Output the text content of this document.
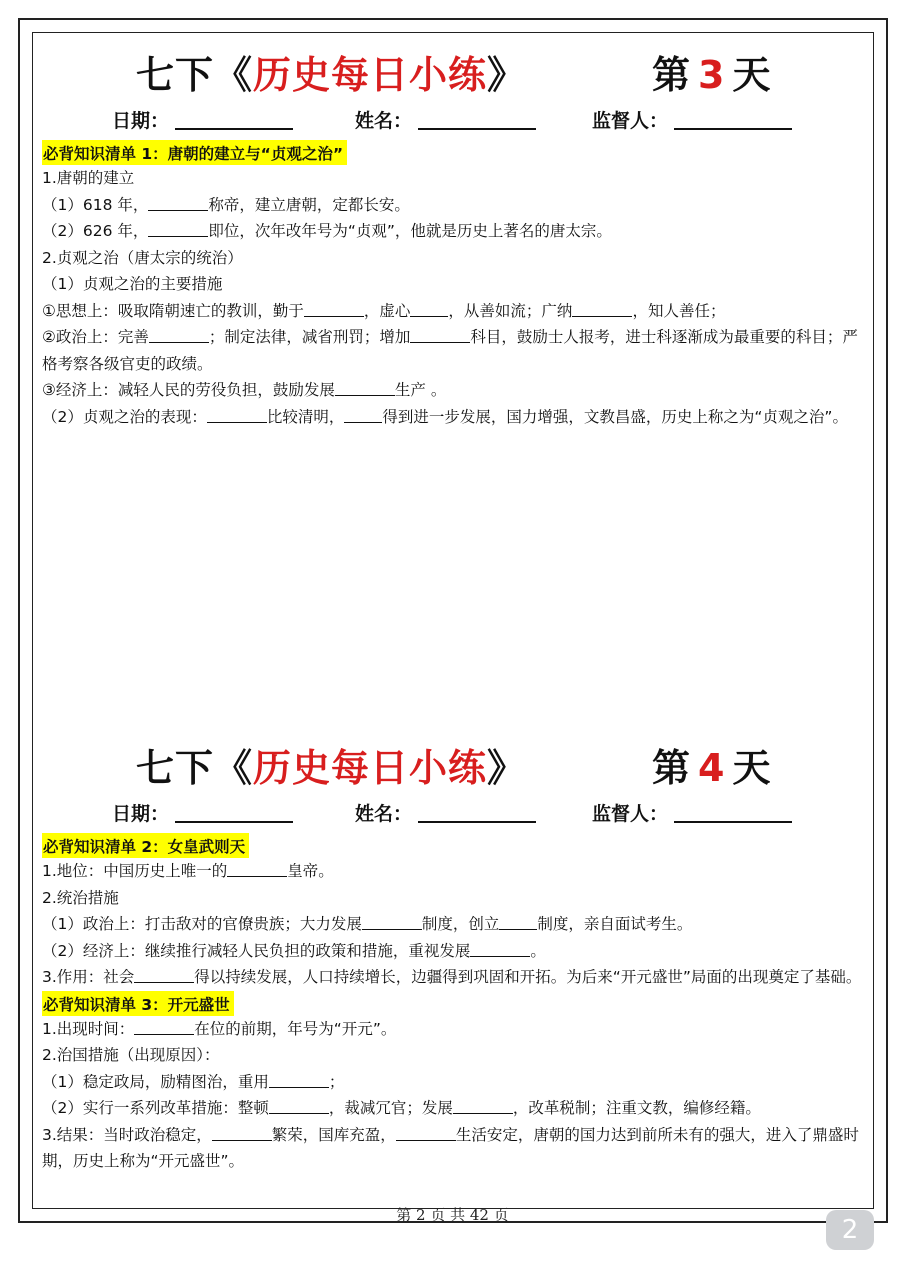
七下《历史每日小练》	第 3 天
日期：	姓名：	监督人：
必背知识清单 1：唐朝的建立与“贞观之治”
1.唐朝的建立
（1）618 年，	称帝，建立唐朝，定都长安。
（2）626 年，	即位，次年改年号为“贞观”，他就是历史上著名的唐太宗。
2.贞观之治（唐太宗的统治）
（1）贞观之治的主要措施
①思想上：吸取隋朝速亡的教训，勤于	，虚心 ，从善如流；广纳	，知人善任；
②政治上：完善	；制定法律，减省刑罚；增加	科目，鼓励士人报考，进士科逐渐成为最重要的科目；严格考察各级官吏的政绩。
③经济上：减轻人民的劳役负担，鼓励发展	生产 。
（2）贞观之治的表现：	比较清明， 得到进一步发展，国力增强，文教昌盛，历史上称之为“贞观之治”。
七下《历史每日小练》	第 4 天
日期：	姓名：	监督人：
必背知识清单 2：女皇武则天
1.地位：中国历史上唯一的	皇帝。
2.统治措施
（1）政治上：打击敌对的官僚贵族；大力发展	制度，创立 制度，亲自面试考生。
（2）经济上：继续推行减轻人民负担的政策和措施，重视发展	。
3.作用：社会	得以持续发展，人口持续增长，边疆得到巩固和开拓。为后来“开元盛世”局面的出现奠定了基础。
必背知识清单 3：开元盛世
1.出现时间：	在位的前期，年号为“开元”。
2.治国措施（出现原因）：
（1）稳定政局，励精图治，重用	；
（2）实行一系列改革措施：整顿	，裁减冗官；发展	，改革税制；注重文教，编修经籍。
3.结果：当时政治稳定，	繁荣，国库充盈，	生活安定，唐朝的国力达到前所未有的强大，进入了鼎盛时期，历史上称为“开元盛世”。
第 2 页 共 42 页	2
